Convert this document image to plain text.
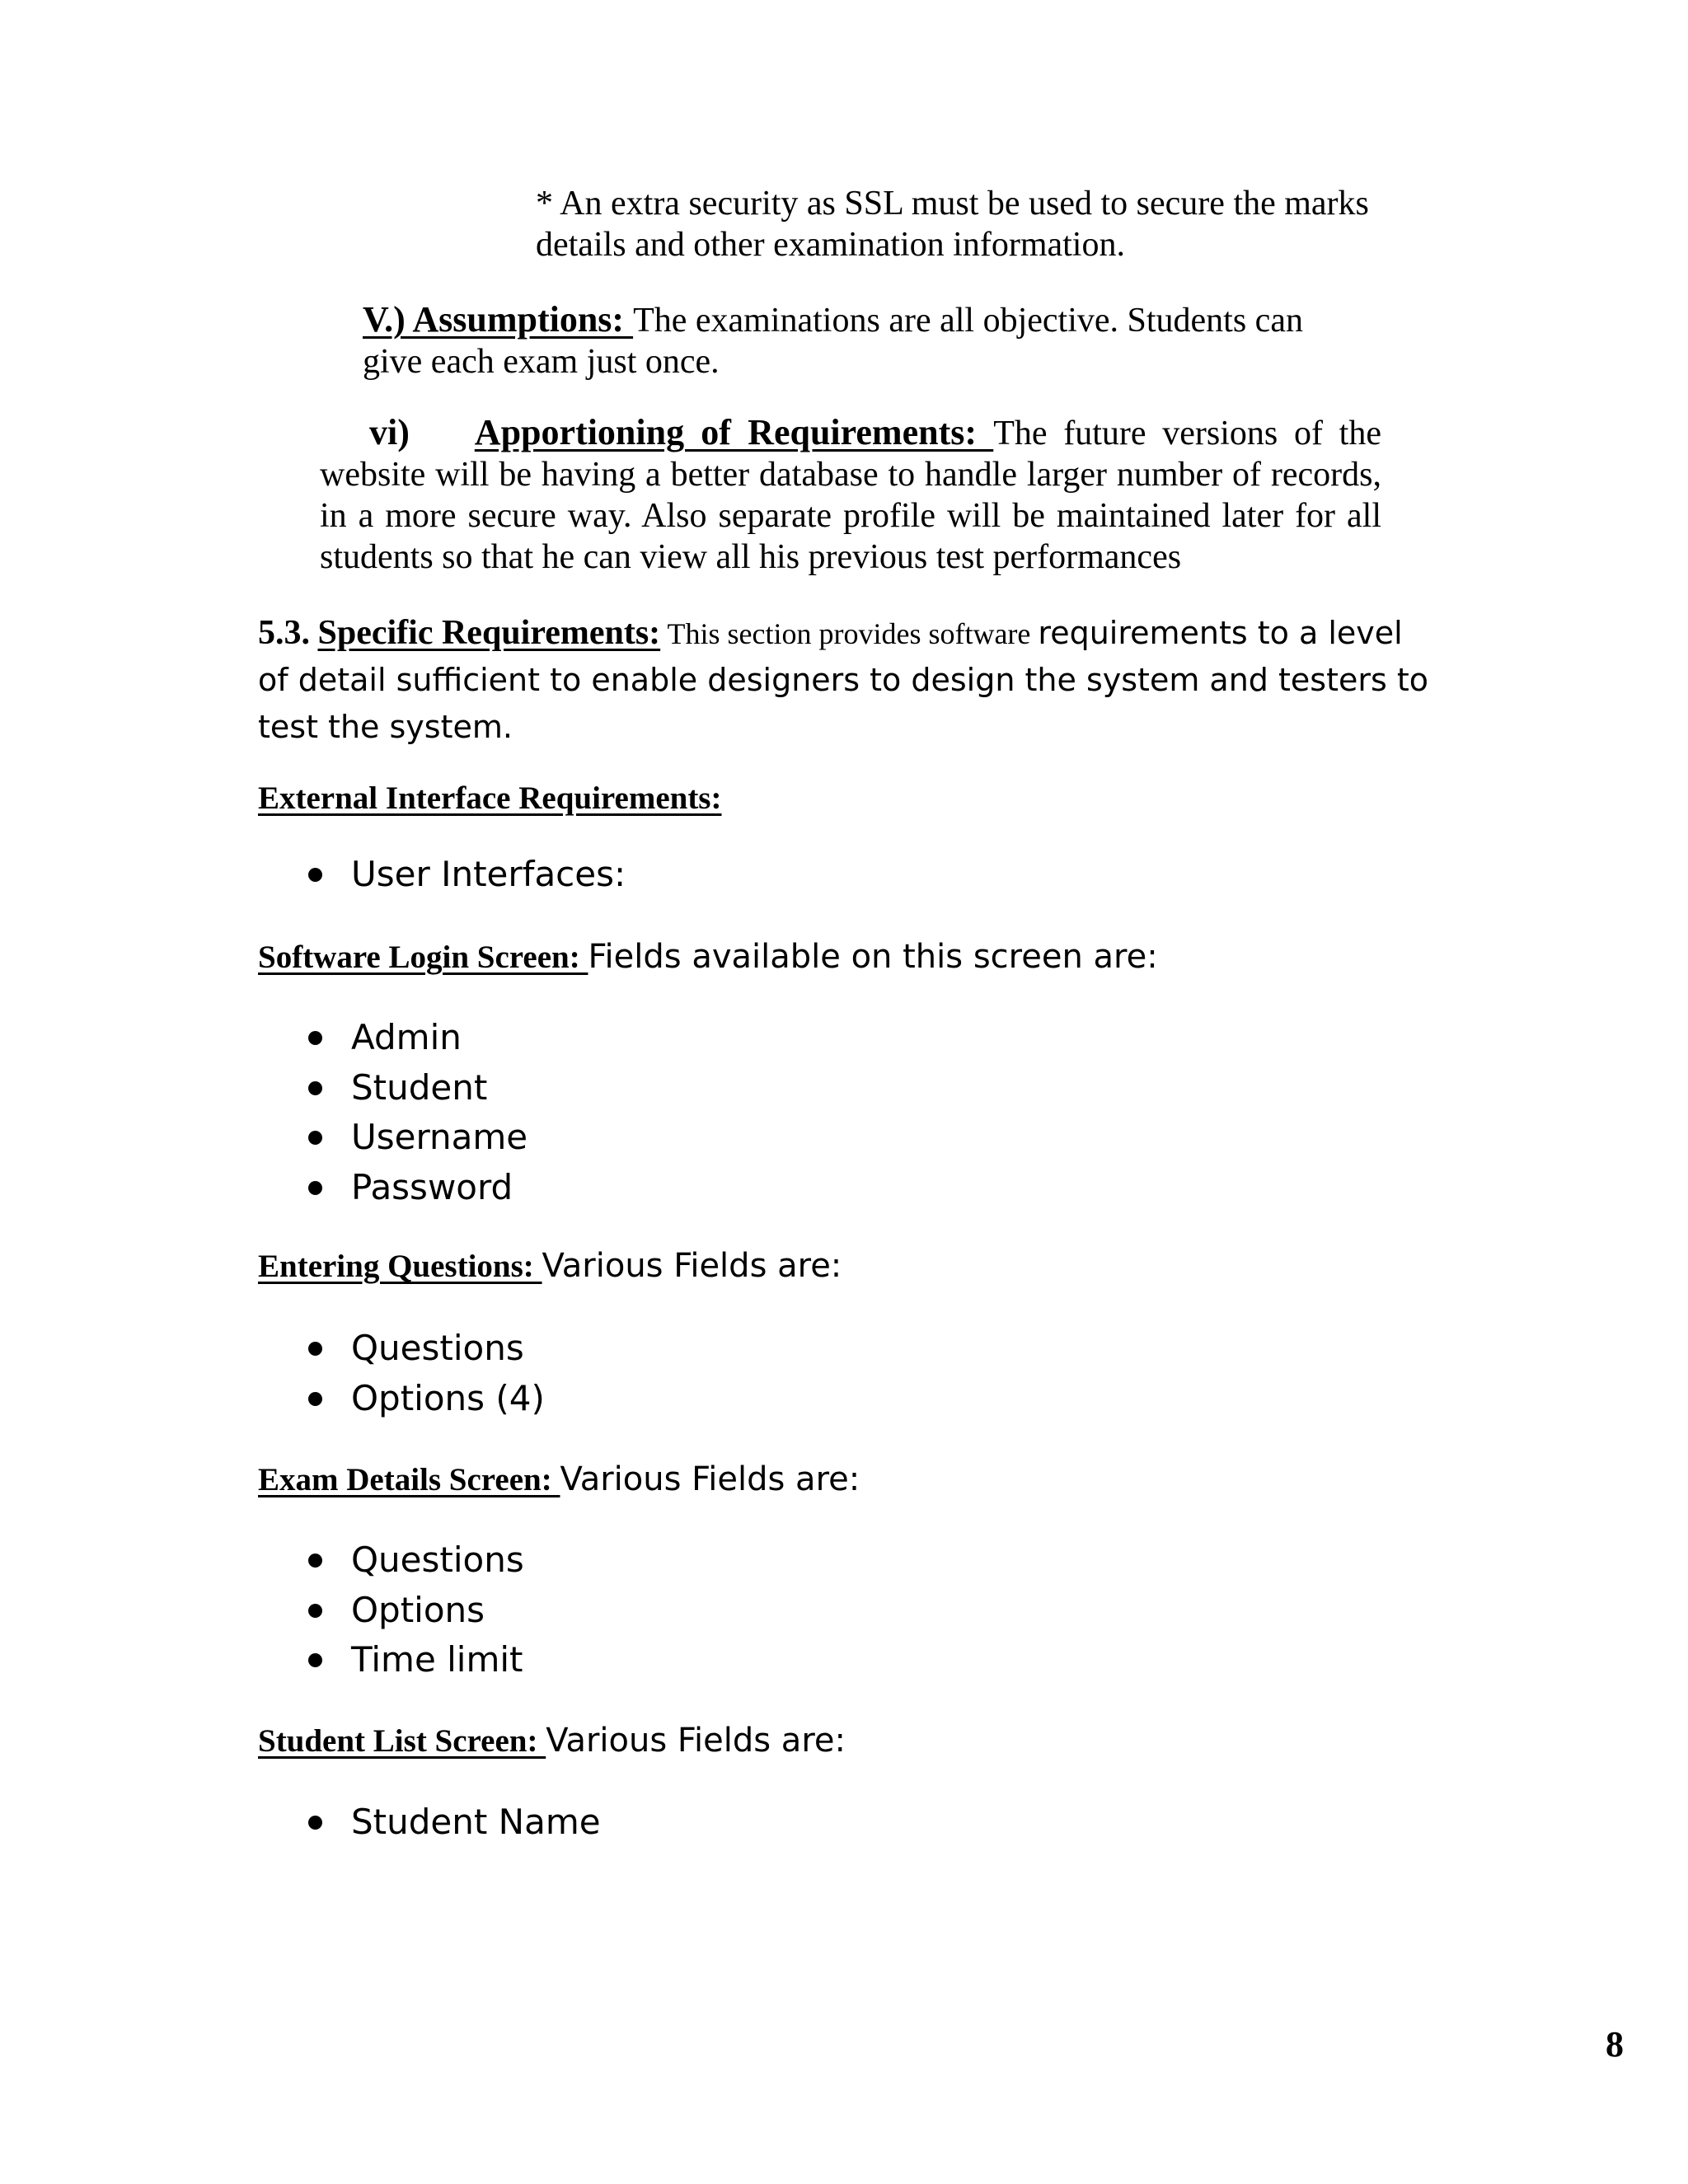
* An extra security as SSL must be used to secure the marks details and other examination information.

V.) Assumptions: The examinations are all objective. Students can give each exam just once.

vi) Apportioning of Requirements: The future versions of the website will be having a better database to handle larger number of records, in a more secure way. Also separate profile will be maintained later for all students so that he can view all his previous test performances

5.3. Specific Requirements: This section provides software requirements to a level of detail sufficient to enable designers to design the system and testers to test the system.

External Interface Requirements:
User Interfaces:
Software Login Screen: Fields available on this screen are:
Admin
Student
Username
Password
Entering Questions: Various Fields are:
Questions
Options (4)
Exam Details Screen: Various Fields are:
Questions
Options
Time limit
Student List Screen: Various Fields are:
Student Name
8
